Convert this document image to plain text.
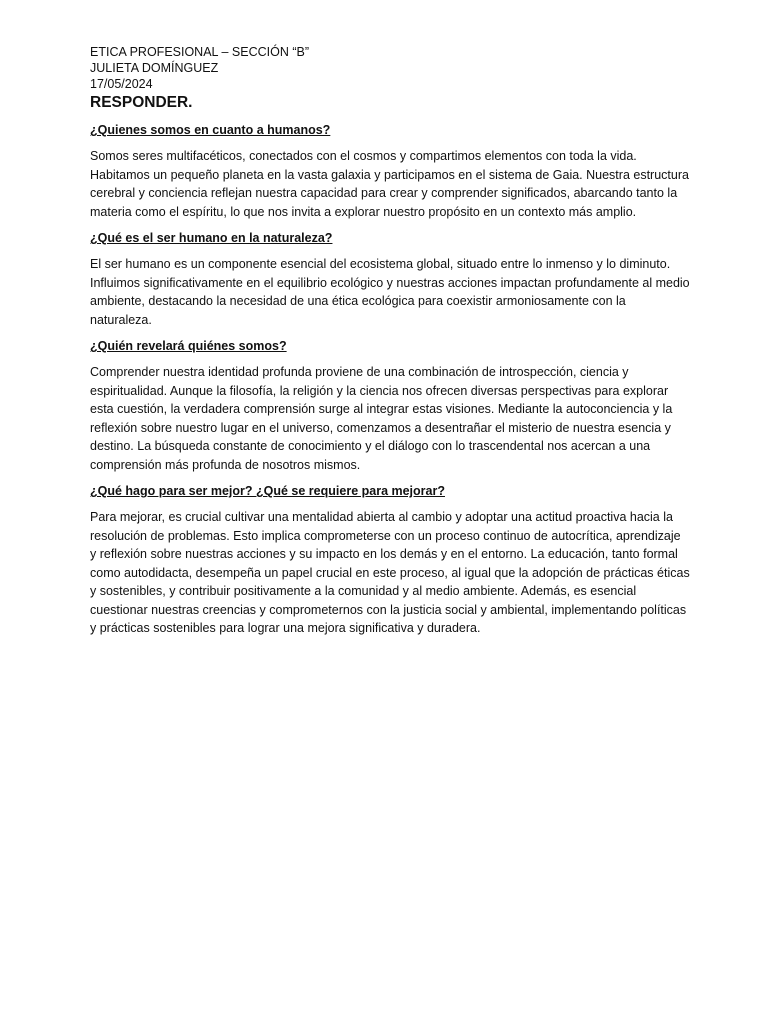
ETICA PROFESIONAL – SECCIÓN “B”

JULIETA DOMÍNGUEZ

17/05/2024

RESPONDER.

¿Quienes somos en cuanto a humanos?

Somos seres multifacéticos, conectados con el cosmos y compartimos elementos con toda la vida. Habitamos un pequeño planeta en la vasta galaxia y participamos en el sistema de Gaia. Nuestra estructura cerebral y conciencia reflejan nuestra capacidad para crear y comprender significados, abarcando tanto la materia como el espíritu, lo que nos invita a explorar nuestro propósito en un contexto más amplio.

¿Qué es el ser humano en la naturaleza?

El ser humano es un componente esencial del ecosistema global, situado entre lo inmenso y lo diminuto. Influimos significativamente en el equilibrio ecológico y nuestras acciones impactan profundamente al medio ambiente, destacando la necesidad de una ética ecológica para coexistir armoniosamente con la naturaleza.

¿Quién revelará quiénes somos?

Comprender nuestra identidad profunda proviene de una combinación de introspección, ciencia y espiritualidad. Aunque la filosofía, la religión y la ciencia nos ofrecen diversas perspectivas para explorar esta cuestión, la verdadera comprensión surge al integrar estas visiones. Mediante la autoconciencia y la reflexión sobre nuestro lugar en el universo, comenzamos a desentrañar el misterio de nuestra esencia y destino. La búsqueda constante de conocimiento y el diálogo con lo trascendental nos acercan a una comprensión más profunda de nosotros mismos.

¿Qué hago para ser mejor? ¿Qué se requiere para mejorar?

Para mejorar, es crucial cultivar una mentalidad abierta al cambio y adoptar una actitud proactiva hacia la resolución de problemas. Esto implica comprometerse con un proceso continuo de autocrítica, aprendizaje y reflexión sobre nuestras acciones y su impacto en los demás y en el entorno. La educación, tanto formal como autodidacta, desempeña un papel crucial en este proceso, al igual que la adopción de prácticas éticas y sostenibles, y contribuir positivamente a la comunidad y al medio ambiente. Además, es esencial cuestionar nuestras creencias y comprometernos con la justicia social y ambiental, implementando políticas y prácticas sostenibles para lograr una mejora significativa y duradera.
